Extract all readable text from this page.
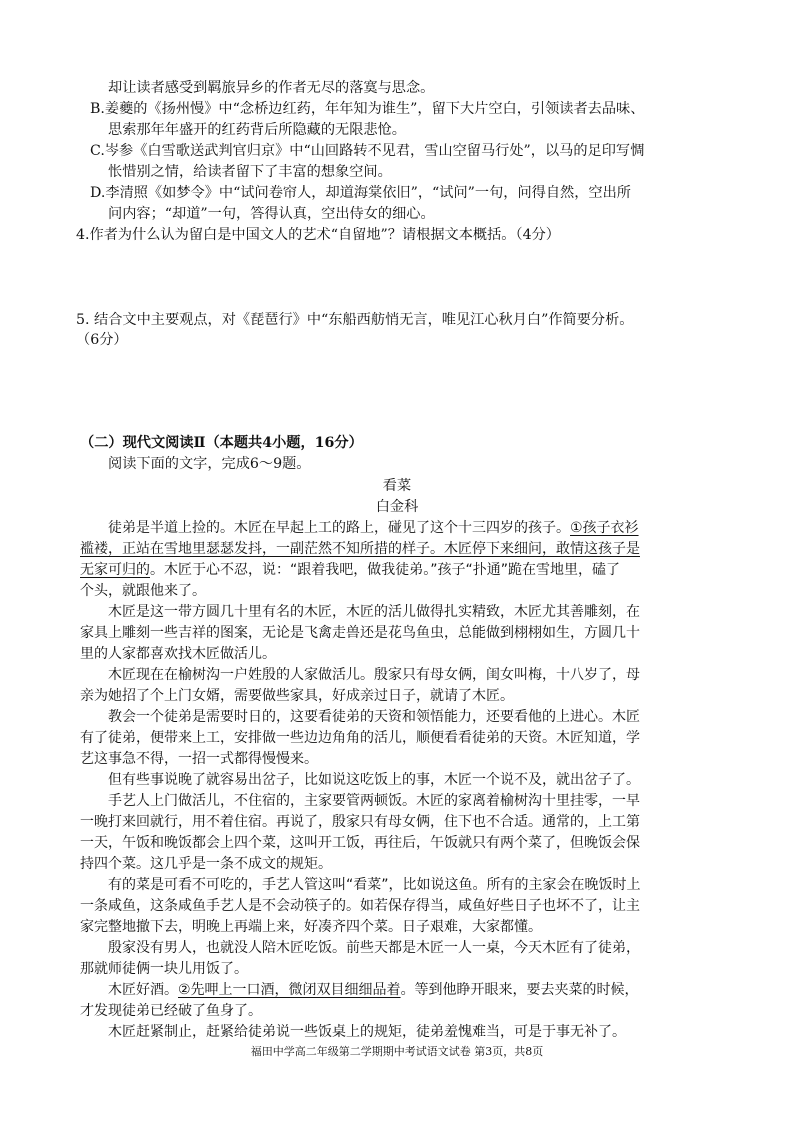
却让读者感受到羁旅异乡的作者无尽的落寞与思念。
B.姜夔的《扬州慢》中“念桥边红药，年年知为谁生”，留下大片空白，引领读者去品味、
思索那年年盛开的红药背后所隐藏的无限悲怆。
C.岑参《白雪歌送武判官归京》中“山回路转不见君，雪山空留马行处”，以马的足印写惆
怅惜别之情，给读者留下了丰富的想象空间。
D.李清照《如梦令》中“试问卷帘人，却道海棠依旧”，“试问”一句，问得自然，空出所
问内容；“却道”一句，答得认真，空出侍女的细心。
4.作者为什么认为留白是中国文人的艺术“自留地”？请根据文本概括。（4分）
5. 结合文中主要观点，对《琵琶行》中“东船西舫悄无言，唯见江心秋月白”作简要分析。
（6分）
（二）现代文阅读Ⅱ（本题共4小题，16分）
阅读下面的文字，完成6～9题。
看菜
白金科
徒弟是半道上捡的。木匠在早起上工的路上，碰见了这个十三四岁的孩子。①孩子衣衫
褴褛，正站在雪地里瑟瑟发抖，一副茫然不知所措的样子。木匠停下来细问，敢情这孩子是
无家可归的。木匠于心不忍，说：“跟着我吧，做我徒弟。”孩子“扑通”跪在雪地里，磕了
个头，就跟他来了。
木匠是这一带方圆几十里有名的木匠，木匠的活儿做得扎实精致，木匠尤其善雕刻，在
家具上雕刻一些吉祥的图案，无论是飞禽走兽还是花鸟鱼虫，总能做到栩栩如生，方圆几十
里的人家都喜欢找木匠做活儿。
木匠现在在榆树沟一户姓殷的人家做活儿。殷家只有母女俩，闺女叫梅，十八岁了，母
亲为她招了个上门女婿，需要做些家具，好成亲过日子，就请了木匠。
教会一个徒弟是需要时日的，这要看徒弟的天资和领悟能力，还要看他的上进心。木匠
有了徒弟，便带来上工，安排做一些边边角角的活儿，顺便看看徒弟的天资。木匠知道，学
艺这事急不得，一招一式都得慢慢来。
但有些事说晚了就容易出岔子，比如说这吃饭上的事，木匠一个说不及，就出岔子了。
手艺人上门做活儿，不住宿的，主家要管两顿饭。木匠的家离着榆树沟十里挂零，一早
一晚打来回就行，用不着住宿。再说了，殷家只有母女俩，住下也不合适。通常的，上工第
一天，午饭和晚饭都会上四个菜，这叫开工饭，再往后，午饭就只有两个菜了，但晚饭会保
持四个菜。这几乎是一条不成文的规矩。
有的菜是可看不可吃的，手艺人管这叫“看菜”，比如说这鱼。所有的主家会在晚饭时上
一条咸鱼，这条咸鱼手艺人是不会动筷子的。如若保存得当，咸鱼好些日子也坏不了，让主
家完整地撤下去，明晚上再端上来，好凑齐四个菜。日子艰难，大家都懂。
殷家没有男人，也就没人陪木匠吃饭。前些天都是木匠一人一桌，今天木匠有了徒弟，
那就师徒俩一块儿用饭了。
木匠好酒。②先呷上一口酒，微闭双目细细品着。等到他睁开眼来，要去夹菜的时候，
才发现徒弟已经破了鱼身了。
木匠赶紧制止，赶紧给徒弟说一些饭桌上的规矩，徒弟羞愧难当，可是于事无补了。
福田中学高二年级第二学期期中考试语文试卷 第3页，共8页
